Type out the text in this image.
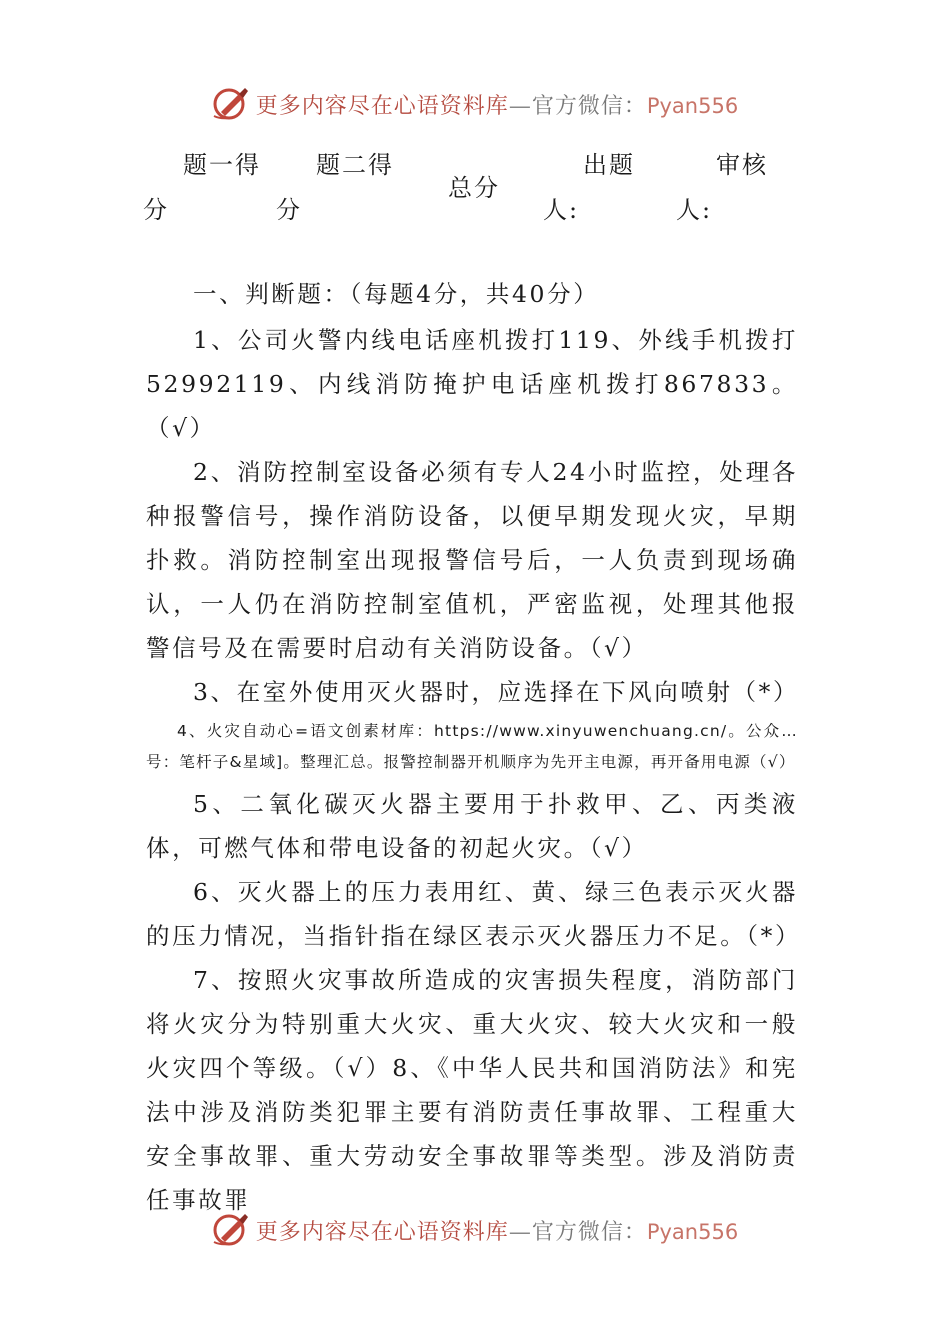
更多内容尽在心语资料库—官方微信：Pyan556
题一得
分
题二得
分
总分
出题
人:
审核
人:

一、判断题：（每题4分，共40分）

1、公司火警内线电话座机拨打119、外线手机拨打52992119、内线消防掩护电话座机拨打867833。（√）

2、消防控制室设备必须有专人24小时监控，处理各种报警信号，操作消防设备，以便早期发现火灾，早期扑救。消防控制室出现报警信号后，一人负责到现场确认，一人仍在消防控制室值机，严密监视，处理其他报警信号及在需要时启动有关消防设备。（√）

3、在室外使用灭火器时，应选择在下风向喷射（*）

4、火灾自动心=语文创素材库：https://www.xinyuwenchuang.cn/。公众…号：笔杆子&星域]。整理汇总。报警控制器开机顺序为先开主电源，再开备用电源（√）

5、二氧化碳灭火器主要用于扑救甲、乙、丙类液体，可燃气体和带电设备的初起火灾。（√）

6、灭火器上的压力表用红、黄、绿三色表示灭火器的压力情况，当指针指在绿区表示灭火器压力不足。（*）

7、按照火灾事故所造成的灾害损失程度，消防部门将火灾分为特别重大火灾、重大火灾、较大火灾和一般火灾四个等级。（√）8、《中华人民共和国消防法》和宪法中涉及消防类犯罪主要有消防责任事故罪、工程重大安全事故罪、重大劳动安全事故罪等类型。涉及消防责任事故罪

更多内容尽在心语资料库—官方微信：Pyan556
